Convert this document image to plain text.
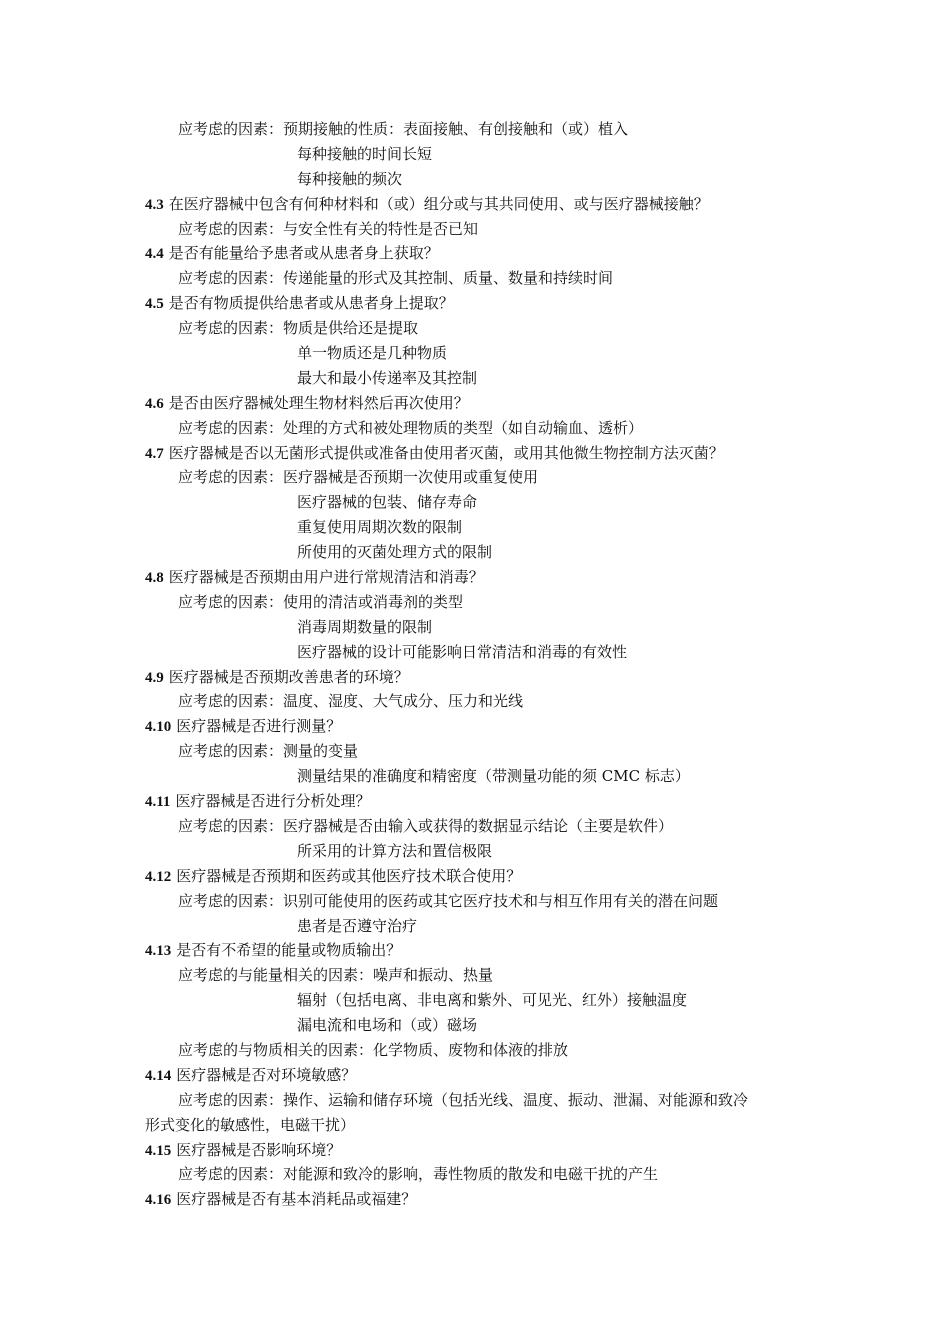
应考虑的因素：预期接触的性质：表面接触、有创接触和（或）植入
每种接触的时间长短
每种接触的频次
4.3 在医疗器械中包含有何种材料和（或）组分或与其共同使用、或与医疗器械接触？
应考虑的因素：与安全性有关的特性是否已知
4.4 是否有能量给予患者或从患者身上获取？
应考虑的因素：传递能量的形式及其控制、质量、数量和持续时间
4.5 是否有物质提供给患者或从患者身上提取？
应考虑的因素：物质是供给还是提取
单一物质还是几种物质
最大和最小传递率及其控制
4.6 是否由医疗器械处理生物材料然后再次使用？
应考虑的因素：处理的方式和被处理物质的类型（如自动输血、透析）
4.7 医疗器械是否以无菌形式提供或准备由使用者灭菌，或用其他微生物控制方法灭菌？
应考虑的因素：医疗器械是否预期一次使用或重复使用
医疗器械的包装、储存寿命
重复使用周期次数的限制
所使用的灭菌处理方式的限制
4.8 医疗器械是否预期由用户进行常规清洁和消毒？
应考虑的因素：使用的清洁或消毒剂的类型
消毒周期数量的限制
医疗器械的设计可能影响日常清洁和消毒的有效性
4.9 医疗器械是否预期改善患者的环境？
应考虑的因素：温度、湿度、大气成分、压力和光线
4.10 医疗器械是否进行测量？
应考虑的因素：测量的变量
测量结果的准确度和精密度（带测量功能的须 CMC 标志）
4.11 医疗器械是否进行分析处理？
应考虑的因素：医疗器械是否由输入或获得的数据显示结论（主要是软件）
所采用的计算方法和置信极限
4.12 医疗器械是否预期和医药或其他医疗技术联合使用？
应考虑的因素：识别可能使用的医药或其它医疗技术和与相互作用有关的潜在问题
患者是否遵守治疗
4.13 是否有不希望的能量或物质输出？
应考虑的与能量相关的因素：噪声和振动、热量
辐射（包括电离、非电离和紫外、可见光、红外）接触温度
漏电流和电场和（或）磁场
应考虑的与物质相关的因素：化学物质、废物和体液的排放
4.14 医疗器械是否对环境敏感？
应考虑的因素：操作、运输和储存环境（包括光线、温度、振动、泄漏、对能源和致冷
形式变化的敏感性，电磁干扰）
4.15 医疗器械是否影响环境？
应考虑的因素：对能源和致冷的影响，毒性物质的散发和电磁干扰的产生
4.16 医疗器械是否有基本消耗品或福建？
